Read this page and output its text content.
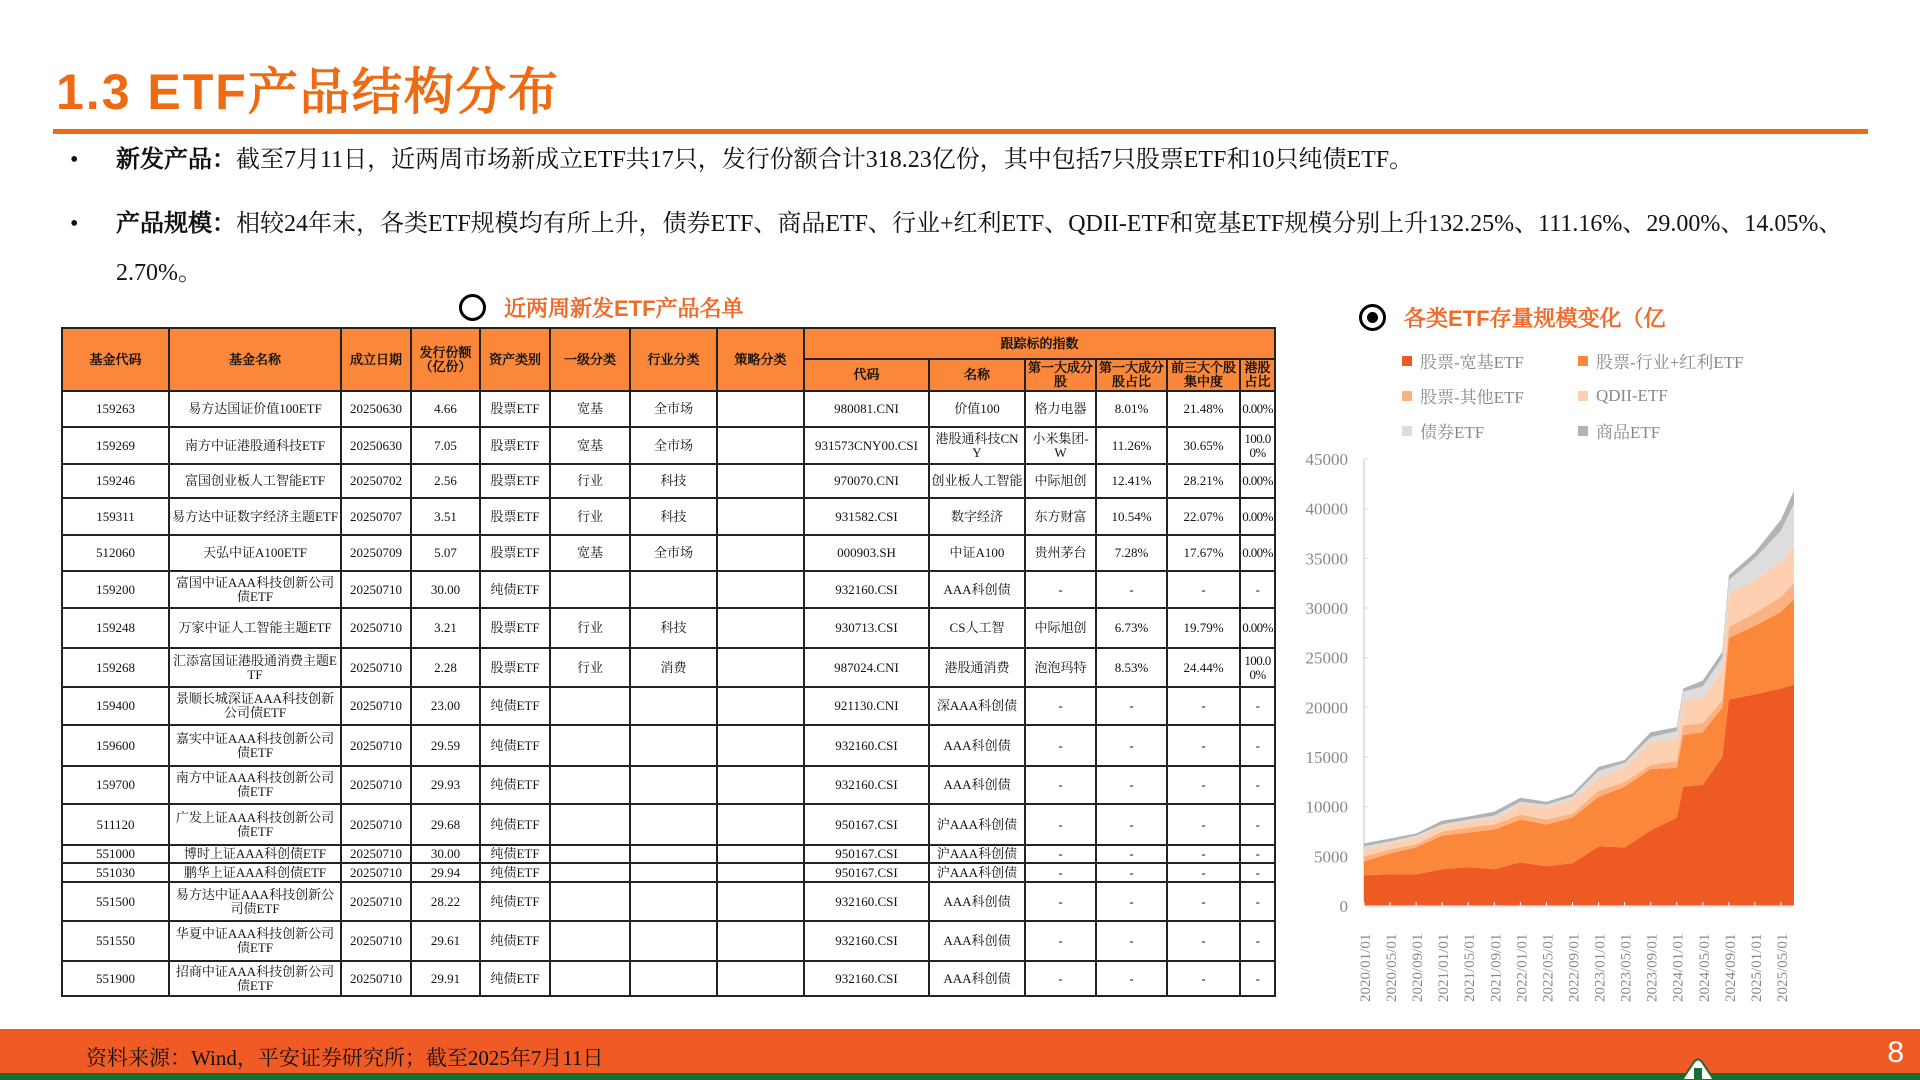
1.3 ETF产品结构分布
• 新发产品：截至7月11日，近两周市场新成立ETF共17只，发行份额合计318.23亿份，其中包括7只股票ETF和10只纯债ETF。
• 产品规模：相较24年末，各类ETF规模均有所上升，债券ETF、商品ETF、行业+红利ETF、QDII-ETF和宽基ETF规模分别上升132.25%、111.16%、29.00%、14.05%、2.70%。
近两周新发ETF产品名单
基金代码	基金名称	成立日期	发行份额（亿份）	资产类别	一级分类	行业分类	策略分类	跟踪标的指数					
								代码	名称	第一大成分股	第一大成分股占比	前三大个股集中度	港股占比
159263	易方达国证价值100ETF	20250630	4.66	股票ETF	宽基	全市场		980081.CNI	价值100	格力电器	8.01%	21.48%	0.00%
159269	南方中证港股通科技ETF	20250630	7.05	股票ETF	宽基	全市场		931573CNY00.CSI	港股通科技CNY	小米集团-W	11.26%	30.65%	100.00%
159246	富国创业板人工智能ETF	20250702	2.56	股票ETF	行业	科技		970070.CNI	创业板人工智能	中际旭创	12.41%	28.21%	0.00%
159311	易方达中证数字经济主题ETF	20250707	3.51	股票ETF	行业	科技		931582.CSI	数字经济	东方财富	10.54%	22.07%	0.00%
512060	天弘中证A100ETF	20250709	5.07	股票ETF	宽基	全市场		000903.SH	中证A100	贵州茅台	7.28%	17.67%	0.00%
159200	富国中证AAA科技创新公司债ETF	20250710	30.00	纯债ETF				932160.CSI	AAA科创债	-	-	-	-
159248	万家中证人工智能主题ETF	20250710	3.21	股票ETF	行业	科技		930713.CSI	CS人工智	中际旭创	6.73%	19.79%	0.00%
159268	汇添富国证港股通消费主题ETF	20250710	2.28	股票ETF	行业	消费		987024.CNI	港股通消费	泡泡玛特	8.53%	24.44%	100.00%
159400	景顺长城深证AAA科技创新公司债ETF	20250710	23.00	纯债ETF				921130.CNI	深AAA科创债	-	-	-	-
159600	嘉实中证AAA科技创新公司债ETF	20250710	29.59	纯债ETF				932160.CSI	AAA科创债	-	-	-	-
159700	南方中证AAA科技创新公司债ETF	20250710	29.93	纯债ETF				932160.CSI	AAA科创债	-	-	-	-
511120	广发上证AAA科技创新公司债ETF	20250710	29.68	纯债ETF				950167.CSI	沪AAA科创债	-	-	-	-
551000	博时上证AAA科创债ETF	20250710	30.00	纯债ETF				950167.CSI	沪AAA科创债	-	-	-	-
551030	鹏华上证AAA科创债ETF	20250710	29.94	纯债ETF				950167.CSI	沪AAA科创债	-	-	-	-
551500	易方达中证AAA科技创新公司债ETF	20250710	28.22	纯债ETF				932160.CSI	AAA科创债	-	-	-	-
551550	华夏中证AAA科技创新公司债ETF	20250710	29.61	纯债ETF				932160.CSI	AAA科创债	-	-	-	-
551900	招商中证AAA科技创新公司债ETF	20250710	29.91	纯债ETF				932160.CSI	AAA科创债	-	-	-	-
各类ETF存量规模变化（亿
股票-宽基ETF	股票-行业+红利ETF
股票-其他ETF	QDII-ETF
债券ETF	商品ETF
0
5000
10000
15000
20000
25000
30000
35000
40000
45000
2020/01/01 2020/05/01 2020/09/01 2021/01/01 2021/05/01 2021/09/01 2022/01/01 2022/05/01 2022/09/01 2023/01/01 2023/05/01 2023/09/01 2024/01/01 2024/05/01 2024/09/01 2025/01/01 2025/05/01
资料来源：Wind，平安证券研究所；截至2025年7月11日	8
